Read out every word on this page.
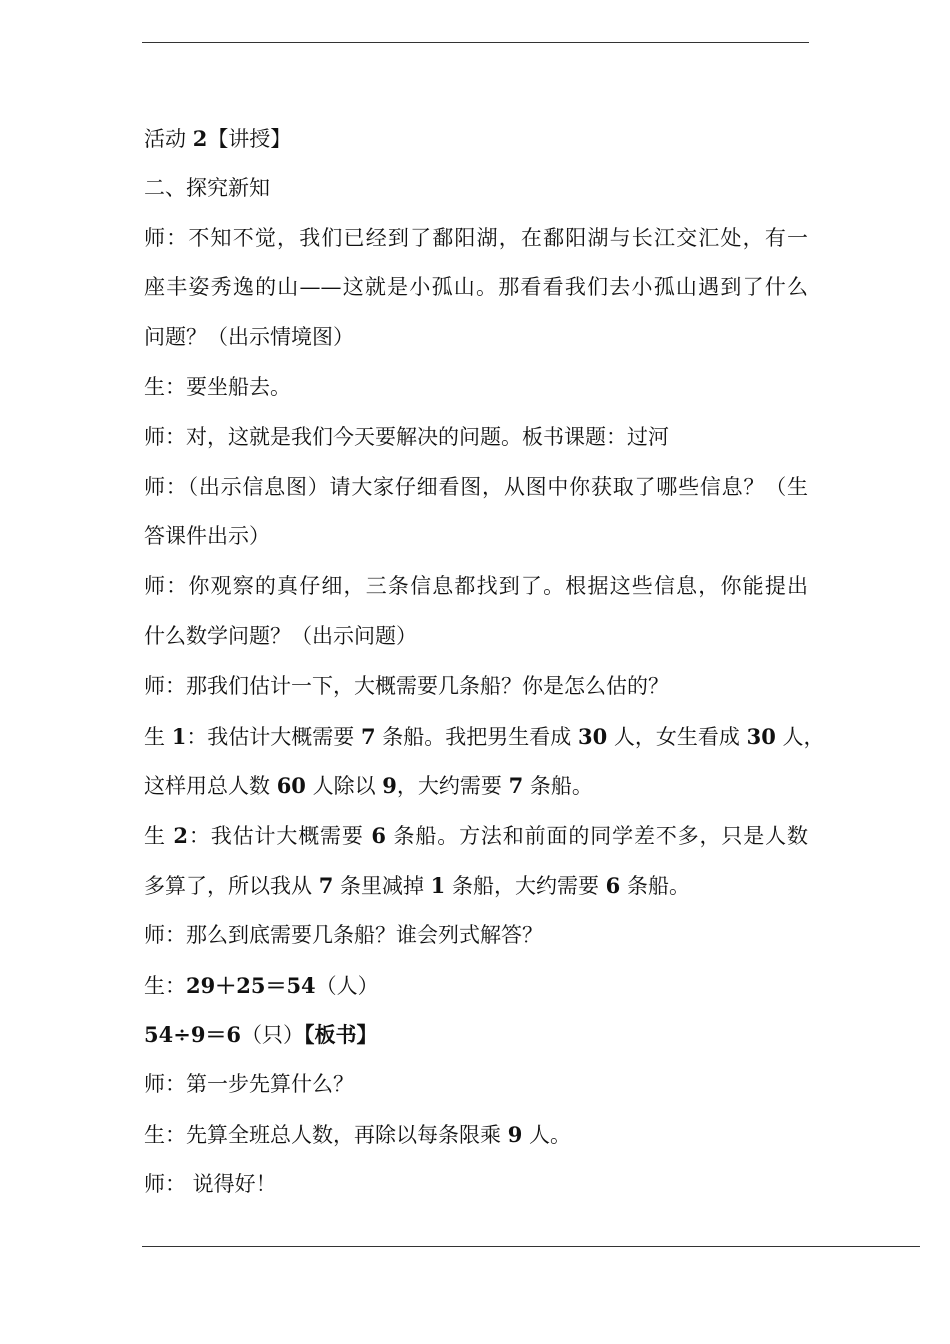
活动 2【讲授】
二、探究新知
师：不知不觉，我们已经到了鄱阳湖，在鄱阳湖与长江交汇处，有一
座丰姿秀逸的山——这就是小孤山。那看看我们去小孤山遇到了什么
问题？（出示情境图）
生：要坐船去。
师：对，这就是我们今天要解决的问题。板书课题：过河
师：（出示信息图）请大家仔细看图，从图中你获取了哪些信息？（生
答课件出示）
师：你观察的真仔细，三条信息都找到了。根据这些信息，你能提出
什么数学问题？（出示问题）
师：那我们估计一下，大概需要几条船？你是怎么估的？
生 1：我估计大概需要 7 条船。我把男生看成 30 人，女生看成 30 人，
这样用总人数 60 人除以 9，大约需要 7 条船。
生 2：我估计大概需要 6 条船。方法和前面的同学差不多，只是人数
多算了，所以我从 7 条里减掉 1 条船，大约需要 6 条船。
师：那么到底需要几条船？谁会列式解答？
生：29＋25＝54（人）
54÷9＝6（只）【板书】
师：第一步先算什么？
生：先算全班总人数，再除以每条限乘 9 人。
师： 说得好！
